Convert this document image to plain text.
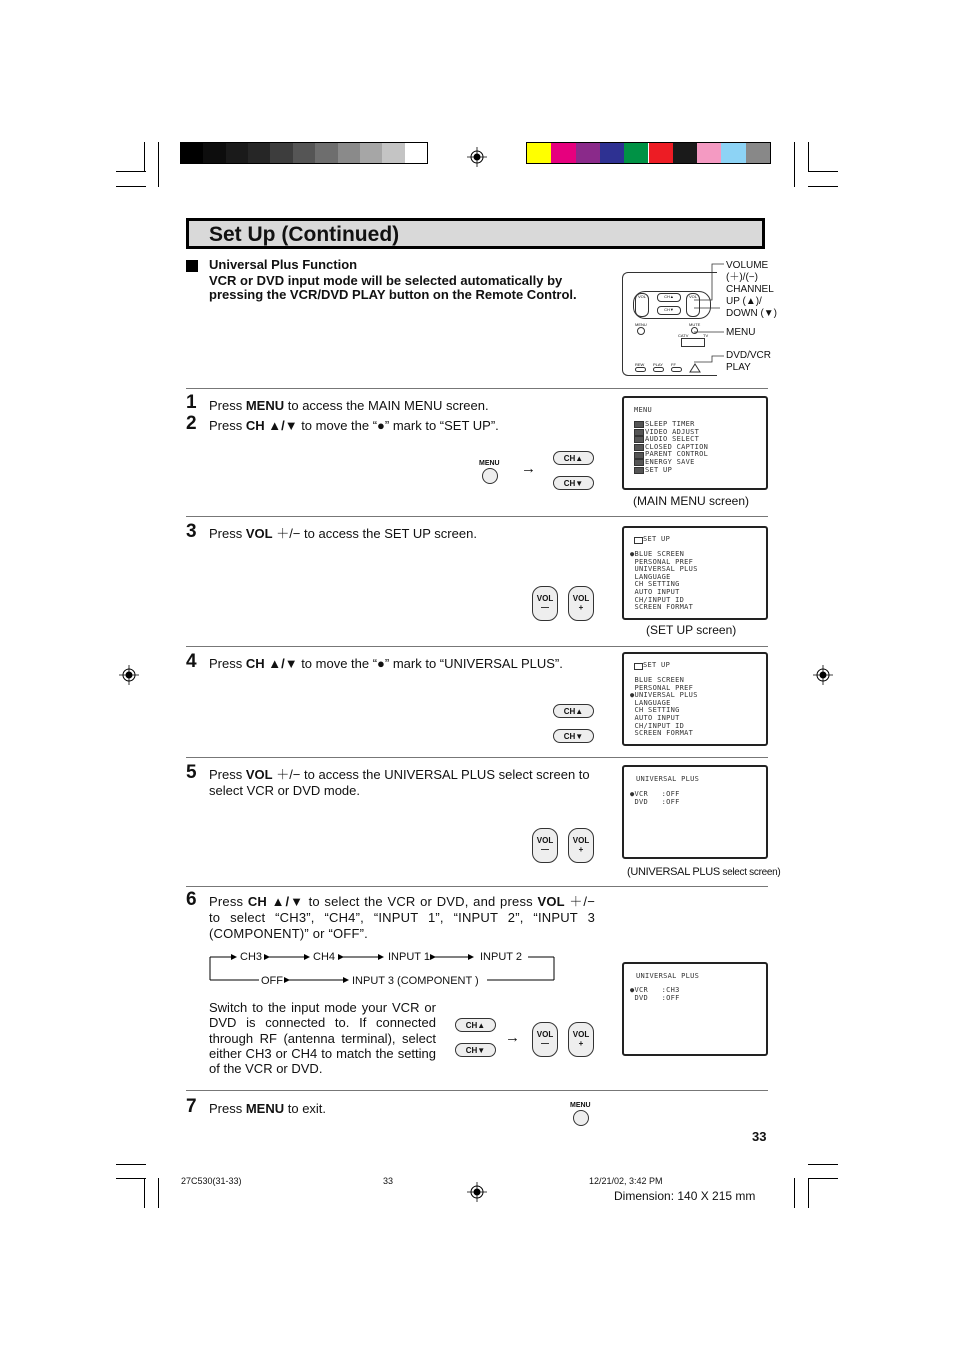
Set Up (Continued)
Universal Plus Function
VCR or DVD input mode will be selected automatically by pressing the VCR/DVD PLAY button on the Remote Control.	VOL	VOL
CH▲
CH▼
MENU	MUTE
CATV	TV
REW PLAY FF
VOLUME
(＋)/(−)
CHANNEL
UP (▲)/
DOWN (▼)
MENU
DVD/VCR
PLAY
1 Press MENU to access the MAIN MENU screen.
2 Press CH ▲/▼ to move the “●” mark to “SET UP”.
MENU →
CH▲
CH▼
MENU
SLEEP TIMER
VIDEO ADJUST
AUDIO SELECT
CLOSED CAPTION
PARENT CONTROL
ENERGY SAVE
SET UP
(MAIN MENU screen)
3 Press VOL ＋/− to access the SET UP screen.
VOL
—
VOL
+
SET UP
●BLUE SCREEN
PERSONAL PREF
UNIVERSAL PLUS
LANGUAGE
CH SETTING
AUTO INPUT
CH/INPUT ID
SCREEN FORMAT
(SET UP screen)
4 Press CH ▲/▼ to move the “●” mark to “UNIVERSAL PLUS”.
CH▲
CH▼
SET UP
BLUE SCREEN
PERSONAL PREF
●UNIVERSAL PLUS
LANGUAGE
CH SETTING
AUTO INPUT
CH/INPUT ID
SCREEN FORMAT
5 Press VOL ＋/− to access the UNIVERSAL PLUS select screen to select VCR or DVD mode.
VOL
—
VOL
+
UNIVERSAL PLUS
●VCR   :OFF
DVD   :OFF
(UNIVERSAL PLUS select screen)
6 Press CH ▲/▼ to select the VCR or DVD, and press VOL ＋/− to select “CH3”, “CH4”, “INPUT 1”, “INPUT 2”, “INPUT 3 (COMPONENT)” or “OFF”.
CH3	CH4	INPUT 1	INPUT 2
OFF	INPUT 3 (COMPONENT )
Switch to the input mode your VCR or DVD is connected to. If connected through RF (antenna terminal), select either CH3 or CH4 to match the setting of the VCR or DVD.
CH▲
CH▼
→	VOL
—
VOL
+
UNIVERSAL PLUS
●VCR   :CH3
DVD   :OFF
7 Press MENU to exit.	MENU
33
27C530(31-33)	33	12/21/02, 3:42 PM
Dimension: 140 X 215 mm
